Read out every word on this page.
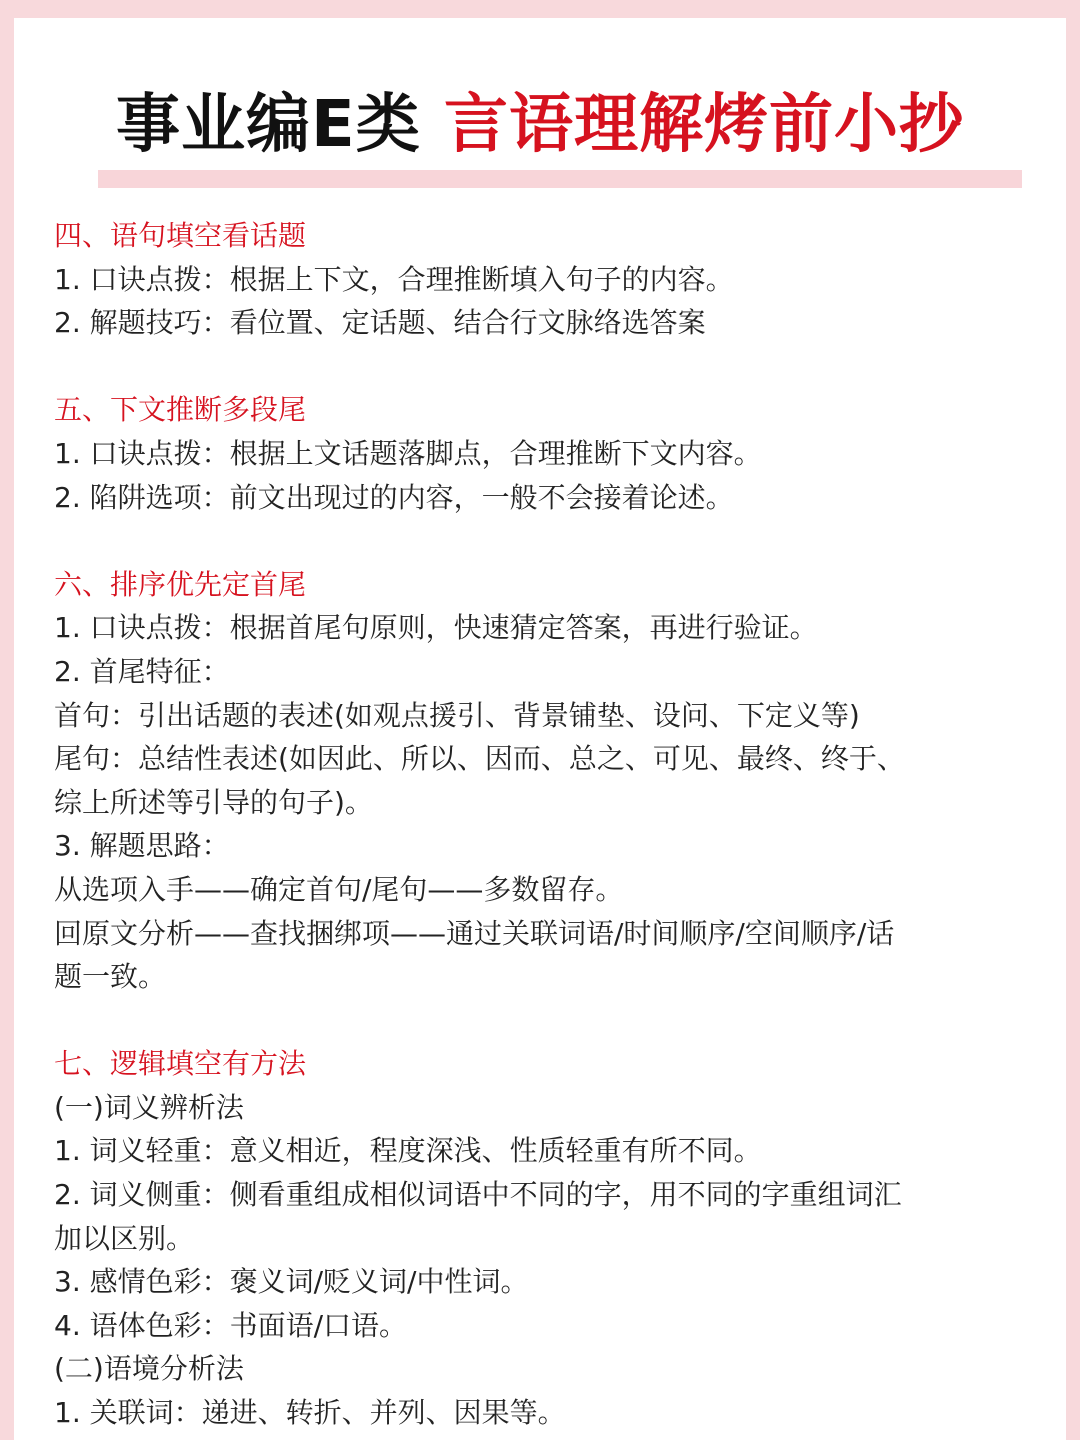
事业编E类 言语理解烤前小抄

四、语句填空看话题

1. 口诀点拨：根据上下文，合理推断填入句子的内容。

2. 解题技巧：看位置、定话题、结合行文脉络选答案

五、下文推断多段尾

1. 口诀点拨：根据上文话题落脚点，合理推断下文内容。

2. 陷阱选项：前文出现过的内容，一般不会接着论述。

六、排序优先定首尾

1. 口诀点拨：根据首尾句原则，快速猜定答案，再进行验证。

2. 首尾特征：

首句：引出话题的表述(如观点援引、背景铺垫、设问、下定义等)

尾句：总结性表述(如因此、所以、因而、总之、可见、最终、终于、

综上所述等引导的句子)。

3. 解题思路：

从选项入手——确定首句/尾句——多数留存。

回原文分析——查找捆绑项——通过关联词语/时间顺序/空间顺序/话

题一致。

七、逻辑填空有方法

(一)词义辨析法

1. 词义轻重：意义相近，程度深浅、性质轻重有所不同。

2. 词义侧重：侧看重组成相似词语中不同的字，用不同的字重组词汇

加以区别。

3. 感情色彩：褒义词/贬义词/中性词。

4. 语体色彩：书面语/口语。

(二)语境分析法

1. 关联词：递进、转折、并列、因果等。
